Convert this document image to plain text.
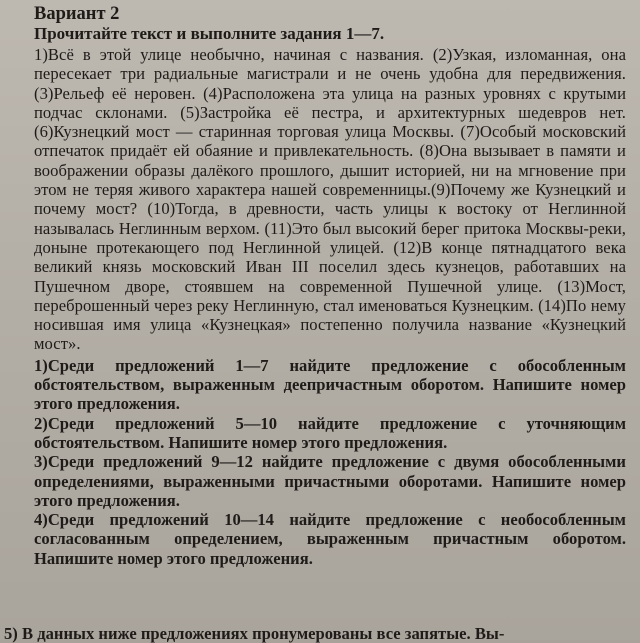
Вариант 2
Прочитайте текст и выполните задания 1—7.

1)Всё в этой улице необычно, начиная с названия. (2)Узкая, изломанная, она пересекает три радиальные магистрали и не очень удобна для передвижения. (3)Рельеф её неровен. (4)Расположена эта улица на разных уровнях с крутыми подчас склонами. (5)Застройка её пестра, и архитектурных шедевров нет. (6)Кузнецкий мост — старинная торговая улица Москвы. (7)Особый московский отпечаток придаёт ей обаяние и привлекательность. (8)Она вызывает в памяти и воображении образы далёкого прошлого, дышит историей, ни на мгновение при этом не теряя живого характера нашей современницы.(9)Почему же Кузнецкий и почему мост? (10)Тогда, в древности, часть улицы к востоку от Неглинной называлась Неглинным верхом. (11)Это был высокий берег притока Москвы-реки, доныне протекающего под Неглинной улицей. (12)В конце пятнадцатого века великий князь московский Иван III поселил здесь кузнецов, работавших на Пушечном дворе, стоявшем на современной Пушечной улице. (13)Мост, переброшенный через реку Неглинную, стал именоваться Кузнецким. (14)По нему носившая имя улица «Кузнецкая» постепенно получила название «Кузнецкий мост».

1)Среди предложений 1—7 найдите предложение с обособленным обстоятельством, выраженным деепричастным оборотом. Напишите номер этого предложения.

2)Среди предложений 5—10 найдите предложение с уточняющим обстоятельством. Напишите номер этого предложения.

3)Среди предложений 9—12 найдите предложение с двумя обособленными определениями, выраженными причастными оборотами. Напишите номер этого предложения.

4)Среди предложений 10—14 найдите предложение с необособленным согласованным определением, выраженным причастным оборотом. Напишите номер этого предложения.

5) В данных ниже предложениях пронумерованы все запятые. Вы-
